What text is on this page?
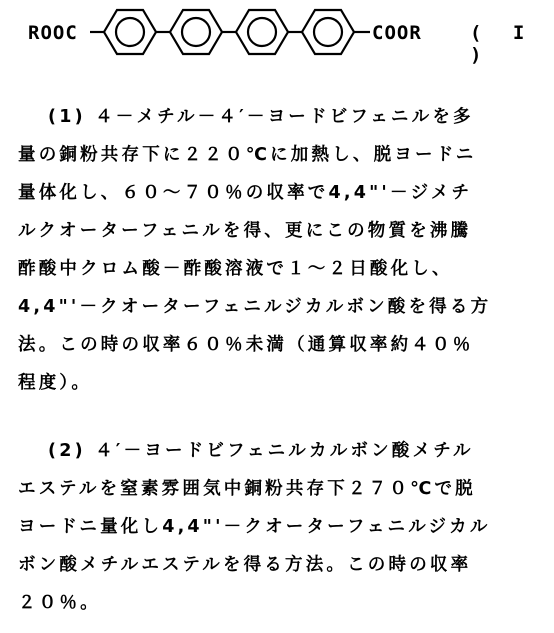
ROOC	COOR	( I )
(1) ４－メチル－４′－ヨードビフェニルを多
量の銅粉共存下に２２０℃に加熱し、脱ヨードニ
量体化し、６０～７０％の収率で4,4"'－ジメチ
ルクオーターフェニルを得、更にこの物質を沸騰
酢酸中クロム酸－酢酸溶液で１～２日酸化し、
4,4"'－クオーターフェニルジカルボン酸を得る方
法。この時の収率６０％未満（通算収率約４０％
程度）。
(2) ４′－ヨードビフェニルカルボン酸メチル
エステルを窒素雰囲気中銅粉共存下２７０℃で脱
ヨードニ量化し4,4"'－クオーターフェニルジカル
ボン酸メチルエステルを得る方法。この時の収率
２０％。
